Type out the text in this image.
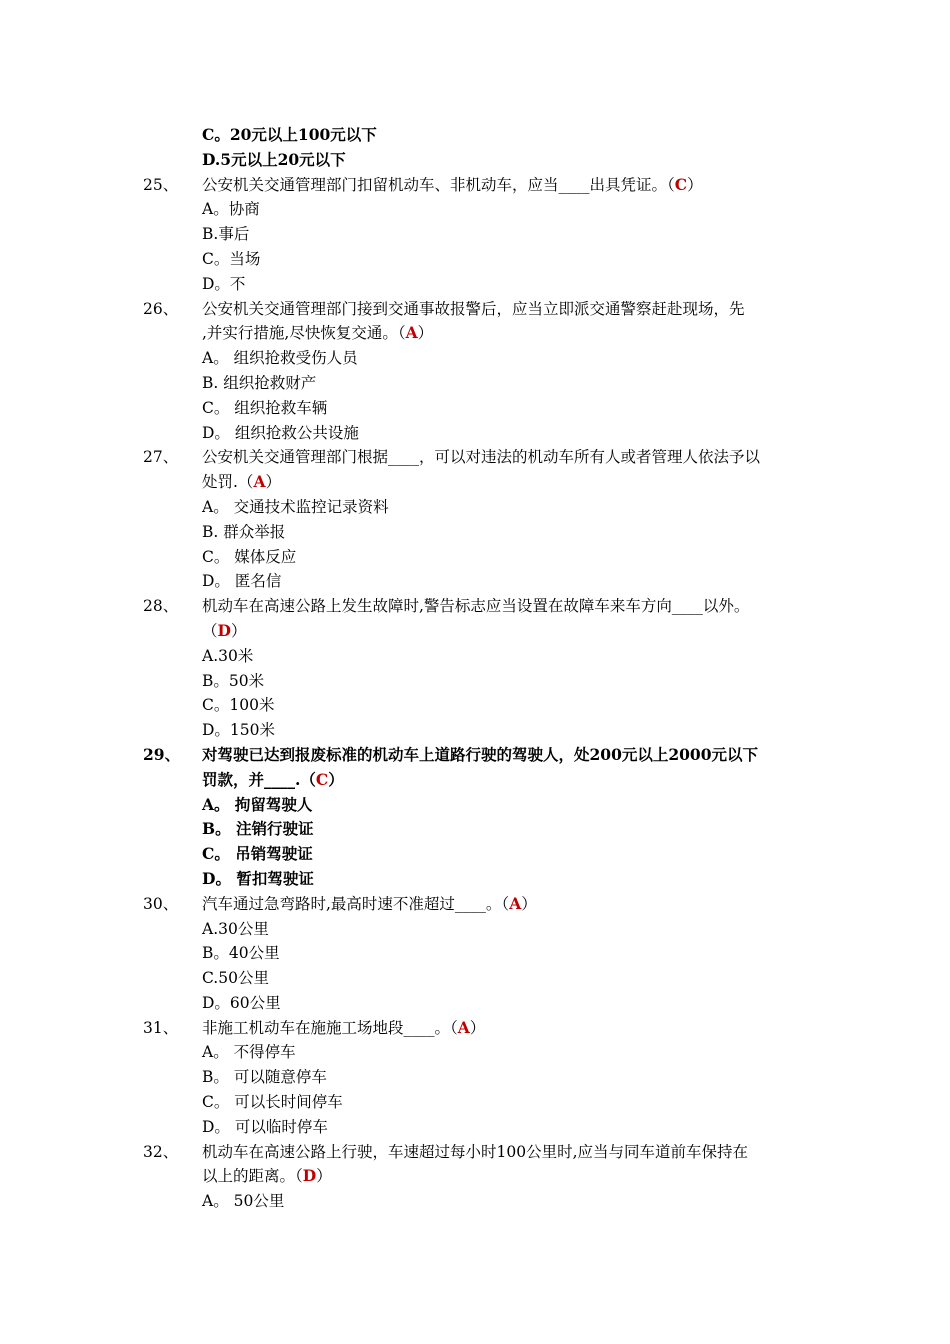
C。20元以上100元以下
D.5元以上20元以下
25、 公安机关交通管理部门扣留机动车、非机动车，应当____出具凭证。（C）
A。协商
B.事后
C。当场
D。不
26、 公安机关交通管理部门接到交通事故报警后，应当立即派交通警察赶赴现场，先
,并实行措施,尽快恢复交通。（A）
A。 组织抢救受伤人员
B. 组织抢救财产
C。 组织抢救车辆
D。 组织抢救公共设施
27、 公安机关交通管理部门根据____，可以对违法的机动车所有人或者管理人依法予以
处罚.（A）
A。 交通技术监控记录资料
B. 群众举报
C。 媒体反应
D。 匿名信
28、 机动车在高速公路上发生故障时,警告标志应当设置在故障车来车方向____以外。
（D）
A.30米
B。50米
C。100米
D。150米
29、 对驾驶已达到报废标准的机动车上道路行驶的驾驶人，处200元以上2000元以下
罚款，并____.（C）
A。 拘留驾驶人
B。 注销行驶证
C。 吊销驾驶证
D。 暂扣驾驶证
30、 汽车通过急弯路时,最高时速不准超过____。（A）
A.30公里
B。40公里
C.50公里
D。60公里
31、 非施工机动车在施施工场地段____。（A）
A。 不得停车
B。 可以随意停车
C。 可以长时间停车
D。 可以临时停车
32、 机动车在高速公路上行驶，车速超过每小时100公里时,应当与同车道前车保持在
以上的距离。（D）
A。 50公里
